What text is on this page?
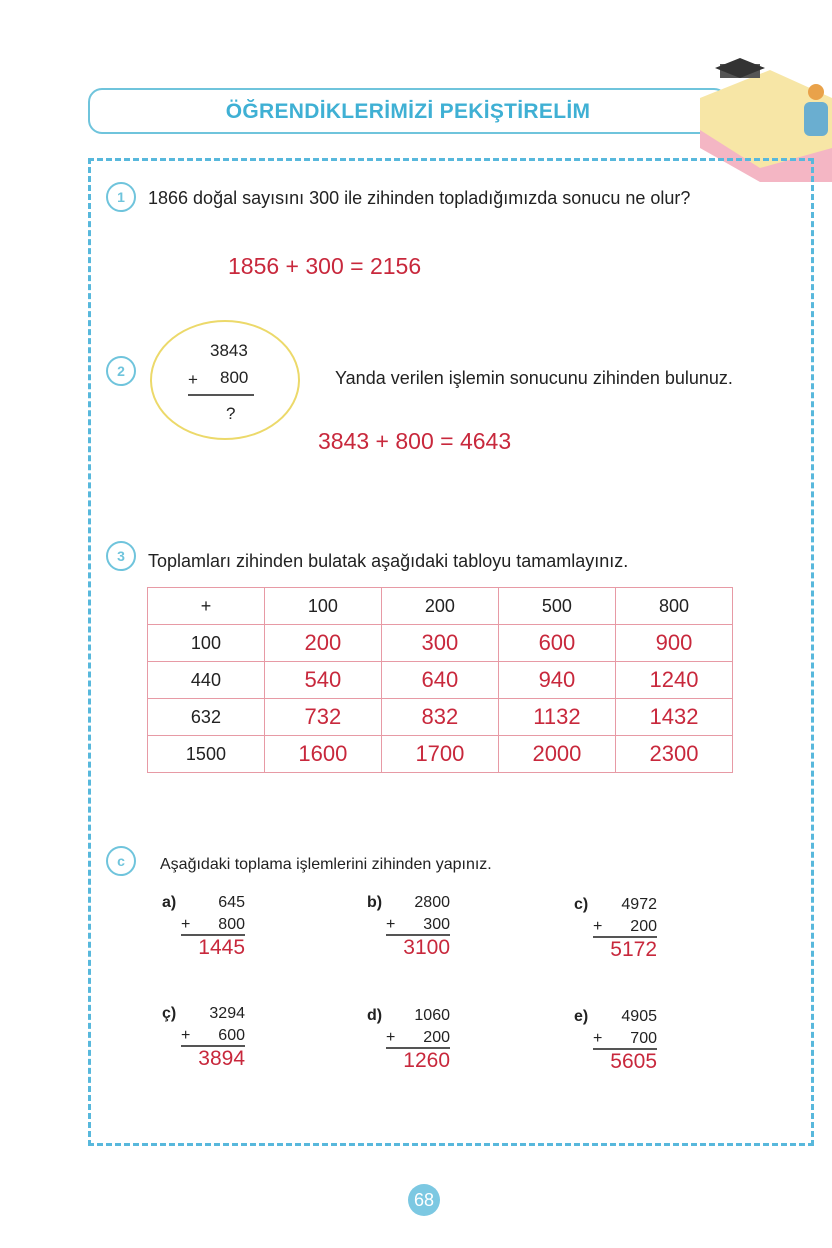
ÖĞRENDİKLERİMİZİ PEKİŞTİRELİM
1	1866 doğal sayısını 300 ile zihinden topladığımızda sonucu ne olur?
1856 + 300 = 2156
2
3843
+ 800
?
Yanda verilen işlemin sonucunu zihinden bulunuz.
3843 + 800 = 4643
3	Toplamları zihinden bulatak aşağıdaki tabloyu tamamlayınız.
+	100	200	500	800
100	200	300	600	900
440	540	640	940	1240
632	732	832	1132	1432
1500	1600	1700	2000	2300
c	Aşağıdaki toplama işlemlerini zihinden yapınız.
a)	645
+ 800
1445
b)	2800
+ 300
3100
c)	4972
+ 200
5172
ç)	3294
+ 600
3894
d)	1060
+ 200
1260
e)	4905
+ 700
5605
68
